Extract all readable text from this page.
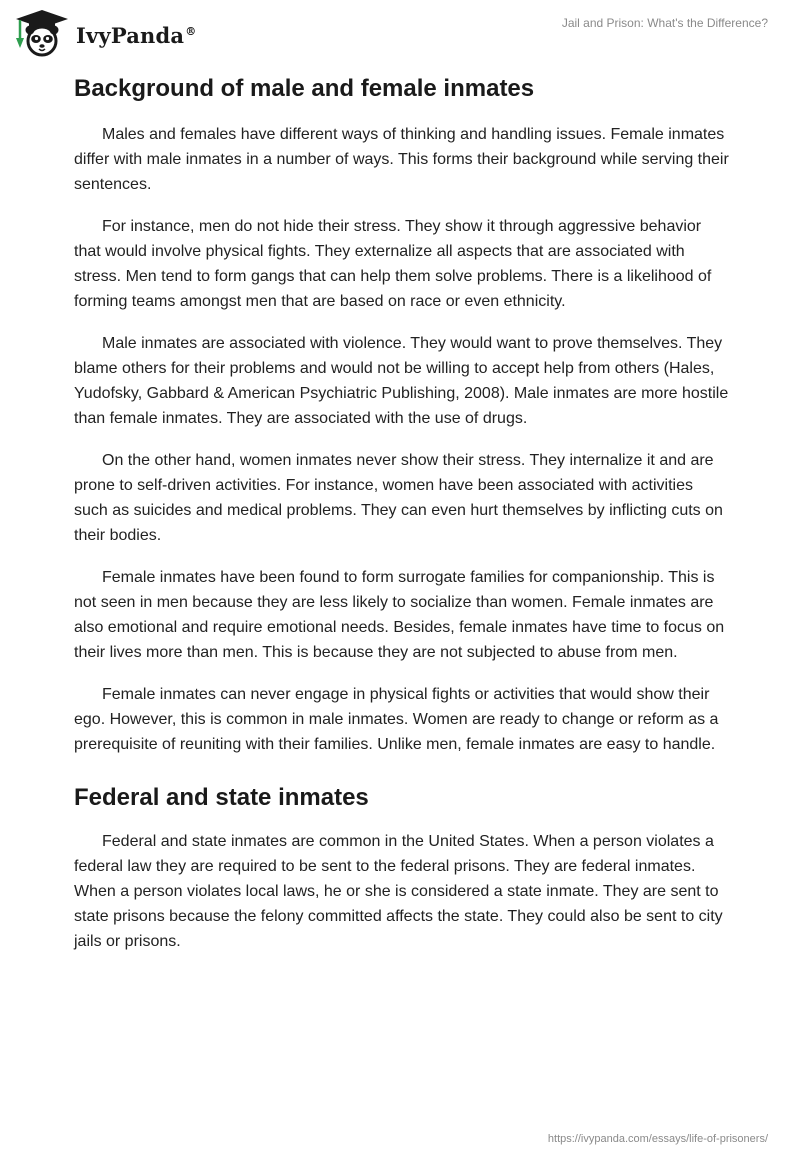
IvyPanda®
Jail and Prison: What's the Difference?
Background of male and female inmates

Males and females have different ways of thinking and handling issues. Female inmates differ with male inmates in a number of ways. This forms their background while serving their sentences.

For instance, men do not hide their stress. They show it through aggressive behavior that would involve physical fights. They externalize all aspects that are associated with stress. Men tend to form gangs that can help them solve problems. There is a likelihood of forming teams amongst men that are based on race or even ethnicity.

Male inmates are associated with violence. They would want to prove themselves. They blame others for their problems and would not be willing to accept help from others (Hales, Yudofsky, Gabbard & American Psychiatric Publishing, 2008). Male inmates are more hostile than female inmates. They are associated with the use of drugs.

On the other hand, women inmates never show their stress. They internalize it and are prone to self-driven activities. For instance, women have been associated with activities such as suicides and medical problems. They can even hurt themselves by inflicting cuts on their bodies.

Female inmates have been found to form surrogate families for companionship. This is not seen in men because they are less likely to socialize than women. Female inmates are also emotional and require emotional needs. Besides, female inmates have time to focus on their lives more than men. This is because they are not subjected to abuse from men.

Female inmates can never engage in physical fights or activities that would show their ego. However, this is common in male inmates. Women are ready to change or reform as a prerequisite of reuniting with their families. Unlike men, female inmates are easy to handle.

Federal and state inmates

Federal and state inmates are common in the United States. When a person violates a federal law they are required to be sent to the federal prisons. They are federal inmates. When a person violates local laws, he or she is considered a state inmate. They are sent to state prisons because the felony committed affects the state. They could also be sent to city jails or prisons.

https://ivypanda.com/essays/life-of-prisoners/
